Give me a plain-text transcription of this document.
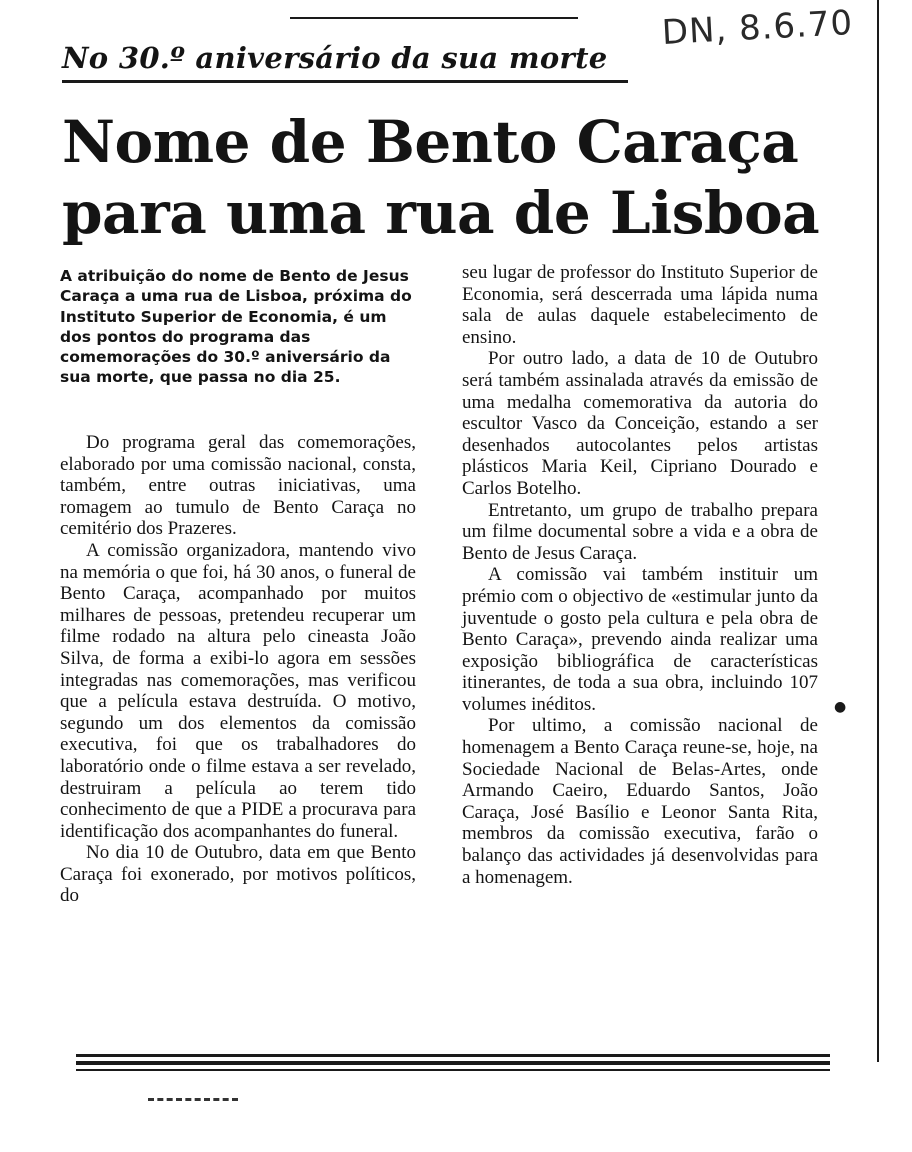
DN, 8.6.70
No 30.º aniversário da sua morte
Nome de Bento Caraça
para uma rua de Lisboa
A atribuição do nome de Bento de Jesus Caraça a uma rua de Lisboa, próxima do Instituto Superior de Economia, é um dos pontos do programa das comemorações do 30.º aniversário da sua morte, que passa no dia 25.

Do programa geral das comemorações, elaborado por uma comissão nacional, consta, também, entre outras iniciativas, uma romagem ao tumulo de Bento Caraça no cemitério dos Prazeres.

A comissão organizadora, mantendo vivo na memória o que foi, há 30 anos, o funeral de Bento Caraça, acompanhado por muitos milhares de pessoas, pretendeu recuperar um filme rodado na altura pelo cineasta João Silva, de forma a exibi-lo agora em sessões integradas nas comemorações, mas verificou que a película estava destruída. O motivo, segundo um dos elementos da comissão executiva, foi que os trabalhadores do laboratório onde o filme estava a ser revelado, destruiram a película ao terem tido conhecimento de que a PIDE a procurava para identificação dos acompanhantes do funeral.

No dia 10 de Outubro, data em que Bento Caraça foi exonerado, por motivos políticos, do

seu lugar de professor do Instituto Superior de Economia, será descerrada uma lápida numa sala de aulas daquele estabelecimento de ensino.

Por outro lado, a data de 10 de Outubro será também assinalada através da emissão de uma medalha comemorativa da autoria do escultor Vasco da Conceição, estando a ser desenhados autocolantes pelos artistas plásticos Maria Keil, Cipriano Dourado e Carlos Botelho.

Entretanto, um grupo de trabalho prepara um filme documental sobre a vida e a obra de Bento de Jesus Caraça.

A comissão vai também instituir um prémio com o objectivo de «estimular junto da juventude o gosto pela cultura e pela obra de Bento Caraça», prevendo ainda realizar uma exposição bibliográfica de características itinerantes, de toda a sua obra, incluindo 107 volumes inéditos.

Por ultimo, a comissão nacional de homenagem a Bento Caraça reune-se, hoje, na Sociedade Nacional de Belas-Artes, onde Armando Caeiro, Eduardo Santos, João Caraça, José Basílio e Leonor Santa Rita, membros da comissão executiva, farão o balanço das actividades já desenvolvidas para a homenagem.

●
